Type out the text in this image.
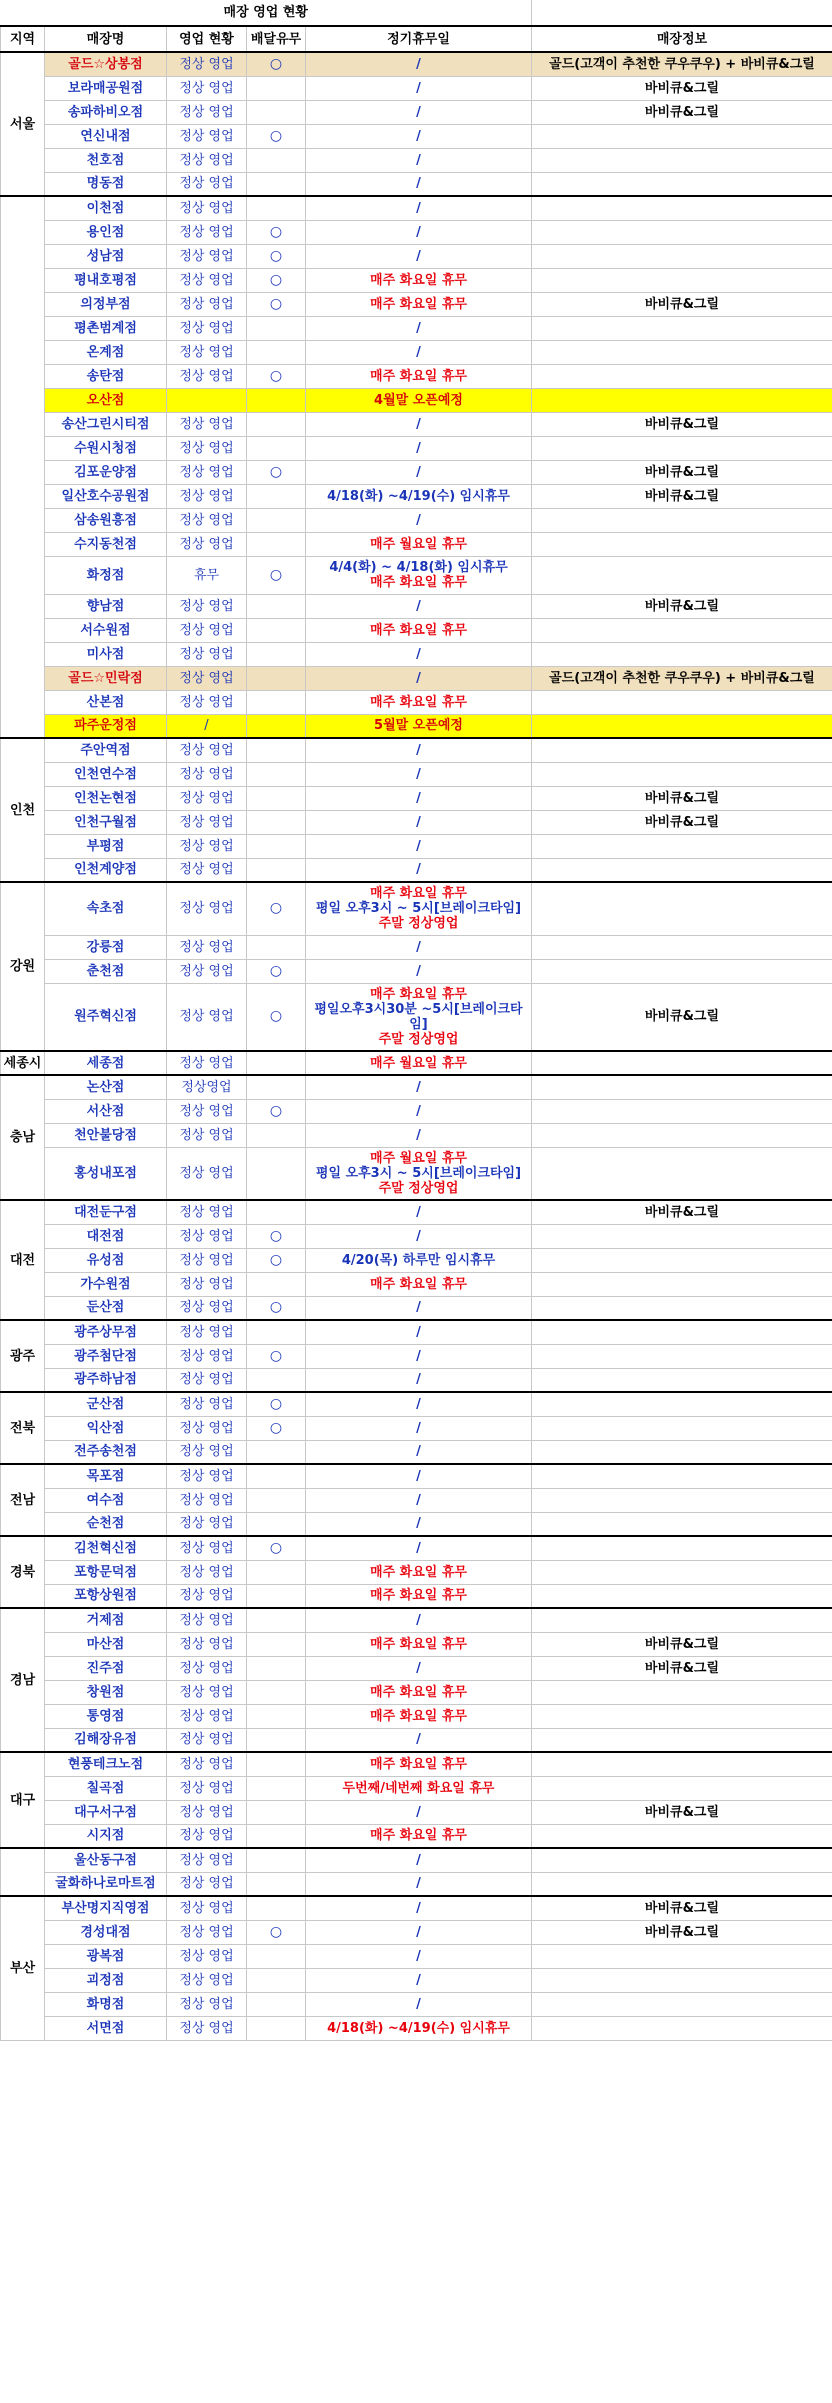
매장 영업 현황					
지역	매장명	영업 현황	배달유무	정기휴무일	매장정보
서울	골드☆상봉점	정상 영업	○	/	골드(고객이 추천한 쿠우쿠우) + 바비큐&그릴
	보라매공원점	정상 영업		/	바비큐&그릴
	송파하비오점	정상 영업		/	바비큐&그릴
	연신내점	정상 영업	○	/	

	천호점	정상 영업		/	

	명동점	정상 영업		/	

	이천점	정상 영업		/	

	용인점	정상 영업	○	/	

	성남점	정상 영업	○	/	

	평내호평점	정상 영업	○	매주 화요일 휴무	

	의정부점	정상 영업	○	매주 화요일 휴무	바비큐&그릴
	평촌범계점	정상 영업		/	

	온계점	정상 영업		/	

	송탄점	정상 영업	○	매주 화요일 휴무	

	오산점			4월말 오픈예정	

	송산그린시티점	정상 영업		/	바비큐&그릴
	수원시청점	정상 영업		/	

	김포운양점	정상 영업	○	/	바비큐&그릴
	일산호수공원점	정상 영업		4/18(화) ~4/19(수) 임시휴무	바비큐&그릴
	삼송원흥점	정상 영업		/	

	수지동천점	정상 영업		매주 월요일 휴무	

	화정점	휴무	○	4/4(화) ~ 4/18(화) 임시휴무
매주 화요일 휴무	

	향남점	정상 영업		/	바비큐&그릴
	서수원점	정상 영업		매주 화요일 휴무	

	미사점	정상 영업		/	

	골드☆민락점	정상 영업		/	골드(고객이 추천한 쿠우쿠우) + 바비큐&그릴
	산본점	정상 영업		매주 화요일 휴무	

	파주운정점	/		5월말 오픈예정	

인천	주안역점	정상 영업		/	

	인천연수점	정상 영업		/	

	인천논현점	정상 영업		/	바비큐&그릴
	인천구월점	정상 영업		/	바비큐&그릴
	부평점	정상 영업		/	

	인천계양점	정상 영업		/	

강원	속초점	정상 영업	○	매주 화요일 휴무
평일 오후3시 ~ 5시[브레이크타임]
주말 정상영업	

	강릉점	정상 영업		/	

	춘천점	정상 영업	○	/	

	원주혁신점	정상 영업	○	매주 화요일 휴무
평일오후3시30분 ~5시[브레이크타
임]
주말 정상영업	바비큐&그릴
세종시	세종점	정상 영업		매주 월요일 휴무	

충남	논산점	정상영업		/	

	서산점	정상 영업	○	/	

	천안불당점	정상 영업		/	

	홍성내포점	정상 영업		매주 월요일 휴무
평일 오후3시 ~ 5시[브레이크타임]
주말 정상영업	

대전	대전둔구점	정상 영업		/	바비큐&그릴
	대전점	정상 영업	○	/	

	유성점	정상 영업	○	4/20(목) 하루만 임시휴무	

	가수원점	정상 영업		매주 화요일 휴무	

	둔산점	정상 영업	○	/	

광주	광주상무점	정상 영업		/	

	광주첨단점	정상 영업	○	/	

	광주하남점	정상 영업		/	

전북	군산점	정상 영업	○	/	

	익산점	정상 영업	○	/	

	전주송천점	정상 영업		/	

전남	목포점	정상 영업		/	

	여수점	정상 영업		/	

	순천점	정상 영업		/	

경북	김천혁신점	정상 영업	○	/	

	포항문덕점	정상 영업		매주 화요일 휴무	

	포항상원점	정상 영업		매주 화요일 휴무	

경남	거제점	정상 영업		/	

	마산점	정상 영업		매주 화요일 휴무	바비큐&그릴
	진주점	정상 영업		/	바비큐&그릴
	창원점	정상 영업		매주 화요일 휴무	

	통영점	정상 영업		매주 화요일 휴무	

	김해장유점	정상 영업		/	

대구	현풍테크노점	정상 영업		매주 화요일 휴무	

	칠곡점	정상 영업		두번째/네번째 화요일 휴무	

	대구서구점	정상 영업		/	바비큐&그릴
	시지점	정상 영업		매주 화요일 휴무	

	울산동구점	정상 영업		/	

	굴화하나로마트점	정상 영업		/	

부산	부산명지직영점	정상 영업		/	바비큐&그릴
	경성대점	정상 영업	○	/	바비큐&그릴
	광복점	정상 영업		/	

	괴정점	정상 영업		/	

	화명점	정상 영업		/	

	서면점	정상 영업		4/18(화) ~4/19(수) 임시휴무	
